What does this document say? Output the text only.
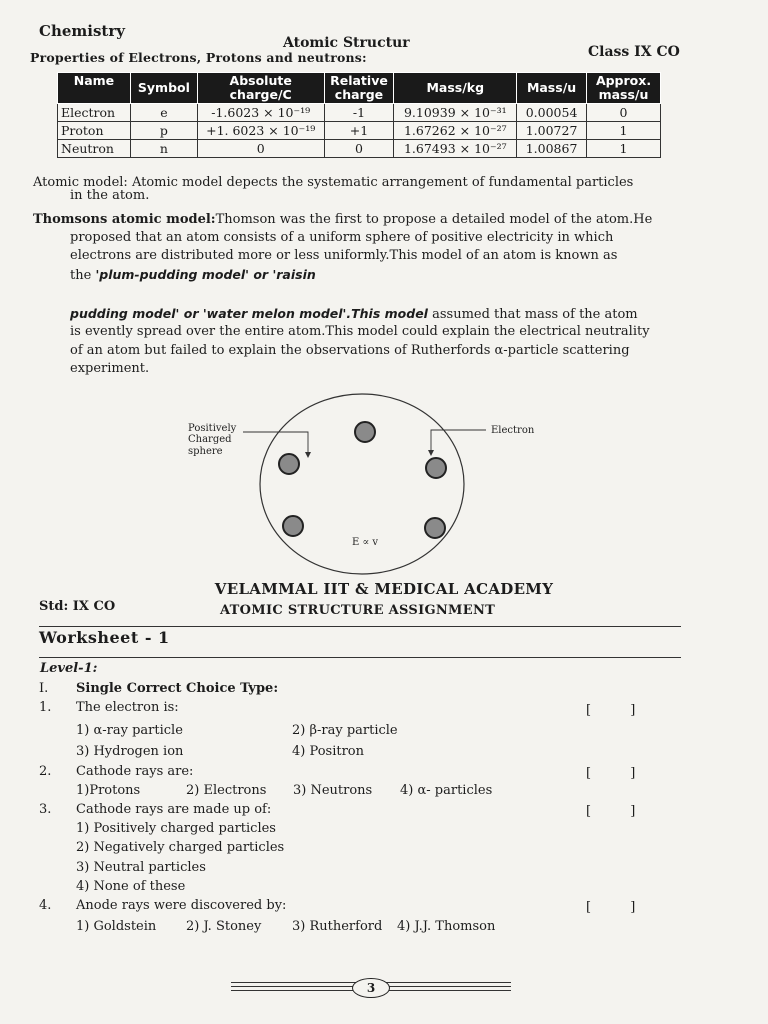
Chemistry
Atomic Structur
Class IX CO
Properties of Electrons, Protons and neutrons:
Name	Symbol	Absolute charge/C	Relative charge	Mass/kg	Mass/u	Approx. mass/u
Electron	e	-1.6023 × 10⁻¹⁹	-1	9.10939 × 10⁻³¹	0.00054	0
Proton	p	+1. 6023 × 10⁻¹⁹	+1	1.67262 × 10⁻²⁷	1.00727	1
Neutron	n	0	0	1.67493 × 10⁻²⁷	1.00867	1
Atomic model: Atomic model depects the systematic arrangement of fundamental particles
in the atom.
Thomsons atomic model:Thomson was the first to propose a detailed model of the atom.He
proposed that an atom consists of a uniform sphere of positive electricity in which
electrons are distributed more or less uniformly.This model of an atom is known as
the 'plum-pudding model' or 'raisin
pudding model' or 'water melon model'.This model assumed that mass of the atom
is evently spread over the entire atom.This model could explain the electrical neutrality
of an atom but failed to explain the observations of Rutherfords α-particle scattering
experiment.
Positively
Charged
sphere
Electron
E ∝ v
VELAMMAL IIT & MEDICAL ACADEMY
Std: IX CO	ATOMIC STRUCTURE ASSIGNMENT
Worksheet - 1
Level-1:
I. Single Correct Choice Type:
1. The electron is:	[ ]
1) α-ray particle	2) β-ray particle
3) Hydrogen ion	4) Positron
2. Cathode rays are:	[ ]
1)Protons	2) Electrons 3) Neutrons 4) α- particles
3. Cathode rays are made up of:	[ ]
1) Positively charged particles
2) Negatively charged particles
3) Neutral particles
4) None of these
4. Anode rays were discovered by:	[ ]
1) Goldstein 2) J. Stoney 3) Rutherford 4) J.J. Thomson
3
